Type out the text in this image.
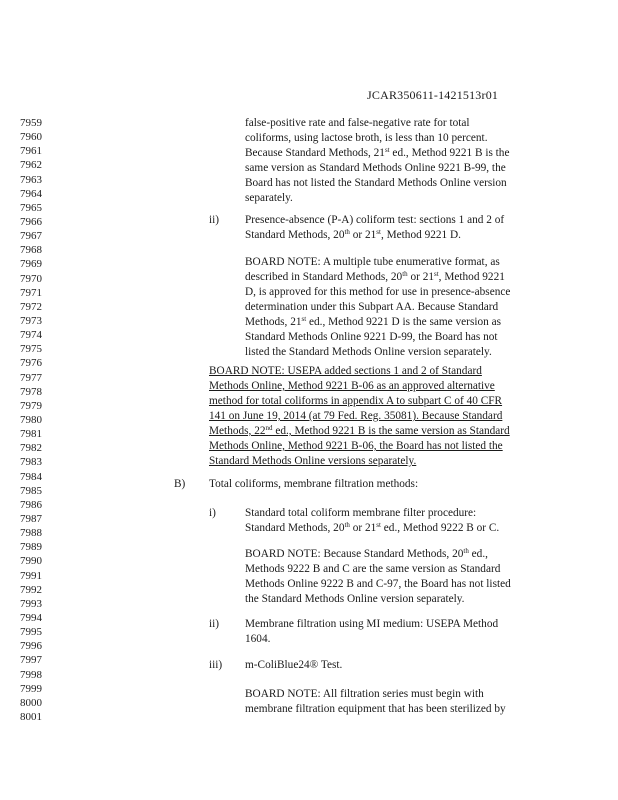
JCAR350611-1421513r01
7959
7960
7961
7962
7963
7964
7965
7966
7967
7968
7969
7970
7971
7972
7973
7974
7975
7976
7977
7978
7979
7980
7981
7982
7983
7984
7985
7986
7987
7988
7989
7990
7991
7992
7993
7994
7995
7996
7997
7998
7999
8000
8001
false-positive rate and false-negative rate for total
coliforms, using lactose broth, is less than 10 percent.
Because Standard Methods, 21st ed., Method 9221 B is the
same version as Standard Methods Online 9221 B-99, the
Board has not listed the Standard Methods Online version
separately.
ii) Presence-absence (P-A) coliform test: sections 1 and 2 of
Standard Methods, 20th or 21st, Method 9221 D.
BOARD NOTE: A multiple tube enumerative format, as
described in Standard Methods, 20th or 21st, Method 9221
D, is approved for this method for use in presence-absence
determination under this Subpart AA. Because Standard
Methods, 21st ed., Method 9221 D is the same version as
Standard Methods Online 9221 D-99, the Board has not
listed the Standard Methods Online version separately.
BOARD NOTE: USEPA added sections 1 and 2 of Standard
Methods Online, Method 9221 B-06 as an approved alternative
method for total coliforms in appendix A to subpart C of 40 CFR
141 on June 19, 2014 (at 79 Fed. Reg. 35081). Because Standard
Methods, 22nd ed., Method 9221 B is the same version as Standard
Methods Online, Method 9221 B-06, the Board has not listed the
Standard Methods Online versions separately.
B) Total coliforms, membrane filtration methods:
i)	Standard total coliform membrane filter procedure:
Standard Methods, 20th or 21st ed., Method 9222 B or C.
BOARD NOTE: Because Standard Methods, 20th ed.,
Methods 9222 B and C are the same version as Standard
Methods Online 9222 B and C-97, the Board has not listed
the Standard Methods Online version separately.
ii) Membrane filtration using MI medium: USEPA Method
1604.
iii) m-ColiBlue24® Test.
BOARD NOTE: All filtration series must begin with
membrane filtration equipment that has been sterilized by
